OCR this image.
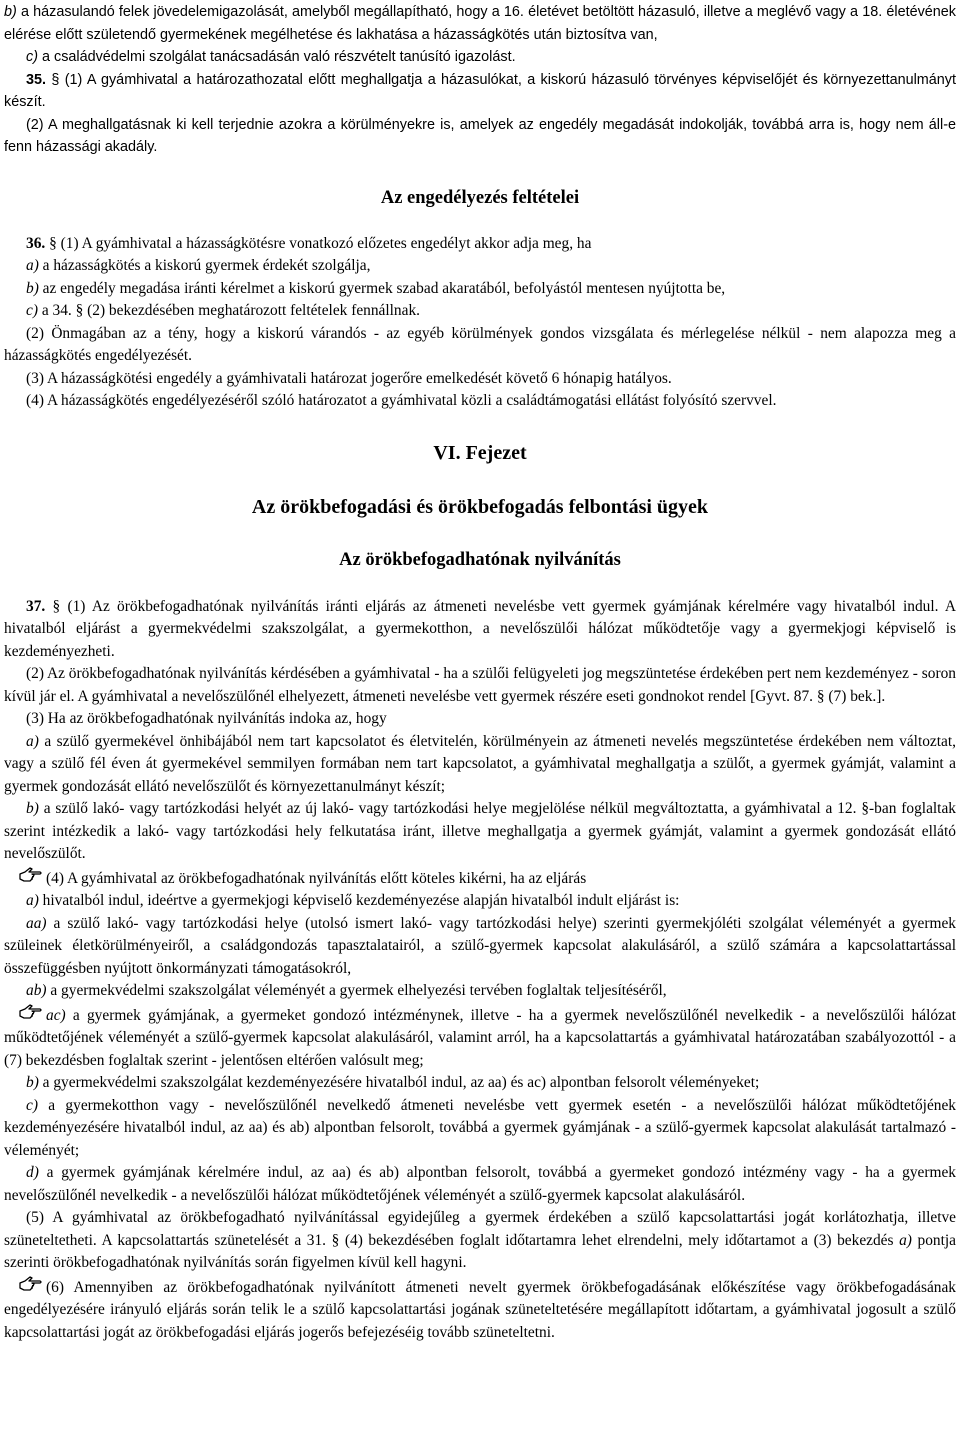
b) a házasulandó felek jövedelemigazolását, amelyből megállapítható, hogy a 16. életévet betöltött házasuló, illetve a meglévő vagy a 18. életévének elérése előtt születendő gyermekének megélhetése és lakhatása a házasságkötés után biztosítva van,

c) a családvédelmi szolgálat tanácsadásán való részvételt tanúsító igazolást.

35. § (1) A gyámhivatal a határozathozatal előtt meghallgatja a házasulókat, a kiskorú házasuló törvényes képviselőjét és környezettanulmányt készít.

(2) A meghallgatásnak ki kell terjednie azokra a körülményekre is, amelyek az engedély megadását indokolják, továbbá arra is, hogy nem áll-e fenn házassági akadály.

Az engedélyezés feltételei

36. § (1) A gyámhivatal a házasságkötésre vonatkozó előzetes engedélyt akkor adja meg, ha

a) a házasságkötés a kiskorú gyermek érdekét szolgálja,

b) az engedély megadása iránti kérelmet a kiskorú gyermek szabad akaratából, befolyástól mentesen nyújtotta be,

c) a 34. § (2) bekezdésében meghatározott feltételek fennállnak.

(2) Önmagában az a tény, hogy a kiskorú várandós - az egyéb körülmények gondos vizsgálata és mérlegelése nélkül - nem alapozza meg a házasságkötés engedélyezését.

(3) A házasságkötési engedély a gyámhivatali határozat jogerőre emelkedését követő 6 hónapig hatályos.

(4) A házasságkötés engedélyezéséről szóló határozatot a gyámhivatal közli a családtámogatási ellátást folyósító szervvel.

VI. Fejezet
Az örökbefogadási és örökbefogadás felbontási ügyek
Az örökbefogadhatónak nyilvánítás

37. § (1) Az örökbefogadhatónak nyilvánítás iránti eljárás az átmeneti nevelésbe vett gyermek gyámjának kérelmére vagy hivatalból indul. A hivatalból eljárást a gyermekvédelmi szakszolgálat, a gyermekotthon, a nevelőszülői hálózat működtetője vagy a gyermekjogi képviselő is kezdeményezheti.

(2) Az örökbefogadhatónak nyilvánítás kérdésében a gyámhivatal - ha a szülői felügyeleti jog megszüntetése érdekében pert nem kezdeményez - soron kívül jár el. A gyámhivatal a nevelőszülőnél elhelyezett, átmeneti nevelésbe vett gyermek részére eseti gondnokot rendel [Gyvt. 87. § (7) bek.].

(3) Ha az örökbefogadhatónak nyilvánítás indoka az, hogy

a) a szülő gyermekével önhibájából nem tart kapcsolatot és életvitelén, körülményein az átmeneti nevelés megszüntetése érdekében nem változtat, vagy a szülő fél éven át gyermekével semmilyen formában nem tart kapcsolatot, a gyámhivatal meghallgatja a szülőt, a gyermek gyámját, valamint a gyermek gondozását ellátó nevelőszülőt és környezettanulmányt készít;

b) a szülő lakó- vagy tartózkodási helyét az új lakó- vagy tartózkodási helye megjelölése nélkül megváltoztatta, a gyámhivatal a 12. §-ban foglaltak szerint intézkedik a lakó- vagy tartózkodási hely felkutatása iránt, illetve meghallgatja a gyermek gyámját, valamint a gyermek gondozását ellátó nevelőszülőt.

(4) A gyámhivatal az örökbefogadhatónak nyilvánítás előtt köteles kikérni, ha az eljárás

a) hivatalból indul, ideértve a gyermekjogi képviselő kezdeményezése alapján hivatalból indult eljárást is:

aa) a szülő lakó- vagy tartózkodási helye (utolsó ismert lakó- vagy tartózkodási helye) szerinti gyermekjóléti szolgálat véleményét a gyermek szüleinek életkörülményeiről, a családgondozás tapasztalatairól, a szülő-gyermek kapcsolat alakulásáról, a szülő számára a kapcsolattartással összefüggésben nyújtott önkormányzati támogatásokról,

ab) a gyermekvédelmi szakszolgálat véleményét a gyermek elhelyezési tervében foglaltak teljesítéséről,

ac) a gyermek gyámjának, a gyermeket gondozó intézménynek, illetve - ha a gyermek nevelőszülőnél nevelkedik - a nevelőszülői hálózat működtetőjének véleményét a szülő-gyermek kapcsolat alakulásáról, valamint arról, ha a kapcsolattartás a gyámhivatal határozatában szabályozottól - a (7) bekezdésben foglaltak szerint - jelentősen eltérően valósult meg;

b) a gyermekvédelmi szakszolgálat kezdeményezésére hivatalból indul, az aa) és ac) alpontban felsorolt véleményeket;

c) a gyermekotthon vagy - nevelőszülőnél nevelkedő átmeneti nevelésbe vett gyermek esetén - a nevelőszülői hálózat működtetőjének kezdeményezésére hivatalból indul, az aa) és ab) alpontban felsorolt, továbbá a gyermek gyámjának - a szülő-gyermek kapcsolat alakulását tartalmazó - véleményét;

d) a gyermek gyámjának kérelmére indul, az aa) és ab) alpontban felsorolt, továbbá a gyermeket gondozó intézmény vagy - ha a gyermek nevelőszülőnél nevelkedik - a nevelőszülői hálózat működtetőjének véleményét a szülő-gyermek kapcsolat alakulásáról.

(5) A gyámhivatal az örökbefogadható nyilvánítással egyidejűleg a gyermek érdekében a szülő kapcsolattartási jogát korlátozhatja, illetve szüneteltetheti. A kapcsolattartás szünetelését a 31. § (4) bekezdésében foglalt időtartamra lehet elrendelni, mely időtartamot a (3) bekezdés a) pontja szerinti örökbefogadhatónak nyilvánítás során figyelmen kívül kell hagyni.

(6) Amennyiben az örökbefogadhatónak nyilvánított átmeneti nevelt gyermek örökbefogadásának előkészítése vagy örökbefogadásának engedélyezésére irányuló eljárás során telik le a szülő kapcsolattartási jogának szüneteltetésére megállapított időtartam, a gyámhivatal jogosult a szülő kapcsolattartási jogát az örökbefogadási eljárás jogerős befejezéséig tovább szüneteltetni.
